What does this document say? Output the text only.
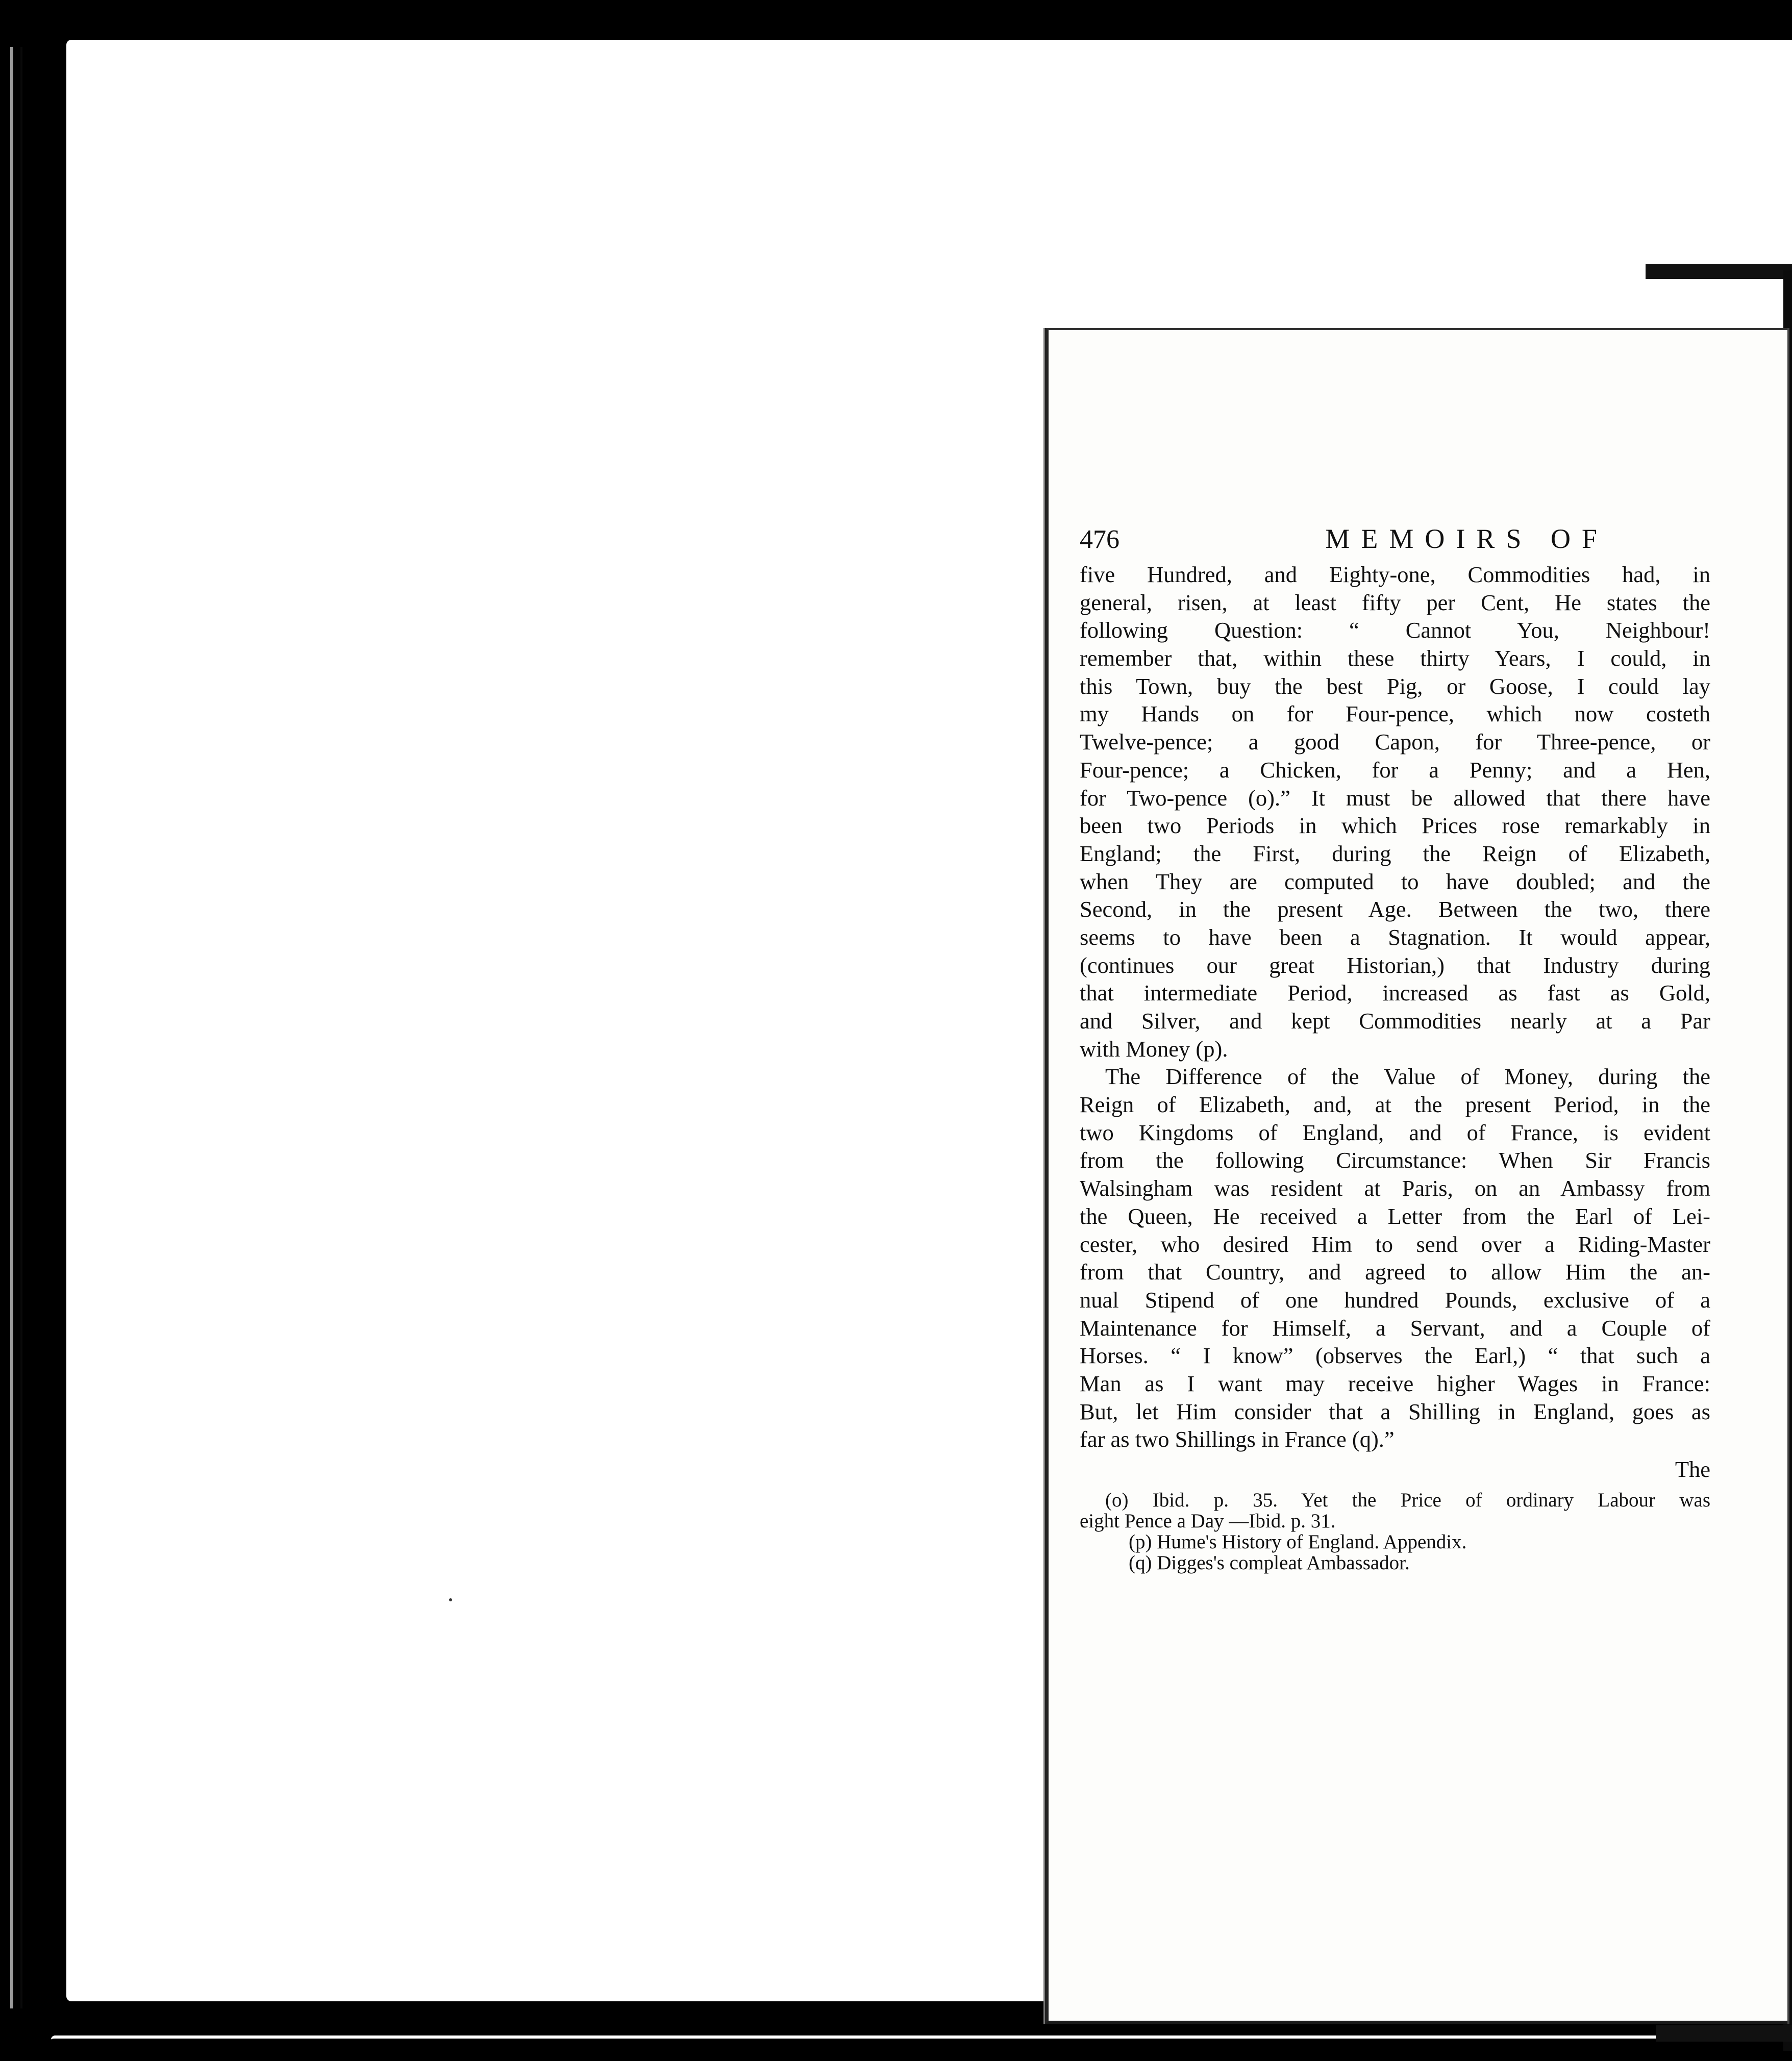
476	MEMOIRS OF
five Hundred, and Eighty-one, Commodities had, in
general, risen, at least fifty per Cent, He states the
following Question: “ Cannot You, Neighbour!
remember that, within these thirty Years, I could, in
this Town, buy the best Pig, or Goose, I could lay
my Hands on for Four-pence, which now costeth
Twelve-pence; a good Capon, for Three-pence, or
Four-pence; a Chicken, for a Penny; and a Hen,
for Two-pence (o).” It must be allowed that there have
been two Periods in which Prices rose remarkably in
England; the First, during the Reign of Elizabeth,
when They are computed to have doubled; and the
Second, in the present Age. Between the two, there
seems to have been a Stagnation. It would appear,
(continues our great Historian,) that Industry during
that intermediate Period, increased as fast as Gold,
and Silver, and kept Commodities nearly at a Par
with Money (p).
The Difference of the Value of Money, during the
Reign of Elizabeth, and, at the present Period, in the
two Kingdoms of England, and of France, is evident
from the following Circumstance: When Sir Francis
Walsingham was resident at Paris, on an Ambassy from
the Queen, He received a Letter from the Earl of Lei-
cester, who desired Him to send over a Riding-Master
from that Country, and agreed to allow Him the an-
nual Stipend of one hundred Pounds, exclusive of a
Maintenance for Himself, a Servant, and a Couple of
Horses. “ I know” (observes the Earl,) “ that such a
Man as I want may receive higher Wages in France:
But, let Him consider that a Shilling in England, goes as
far as two Shillings in France (q).”
The
(o) Ibid. p. 35. Yet the Price of ordinary Labour was
eight Pence a Day —Ibid. p. 31.
(p) Hume's History of England. Appendix.
(q) Digges's compleat Ambassador.
